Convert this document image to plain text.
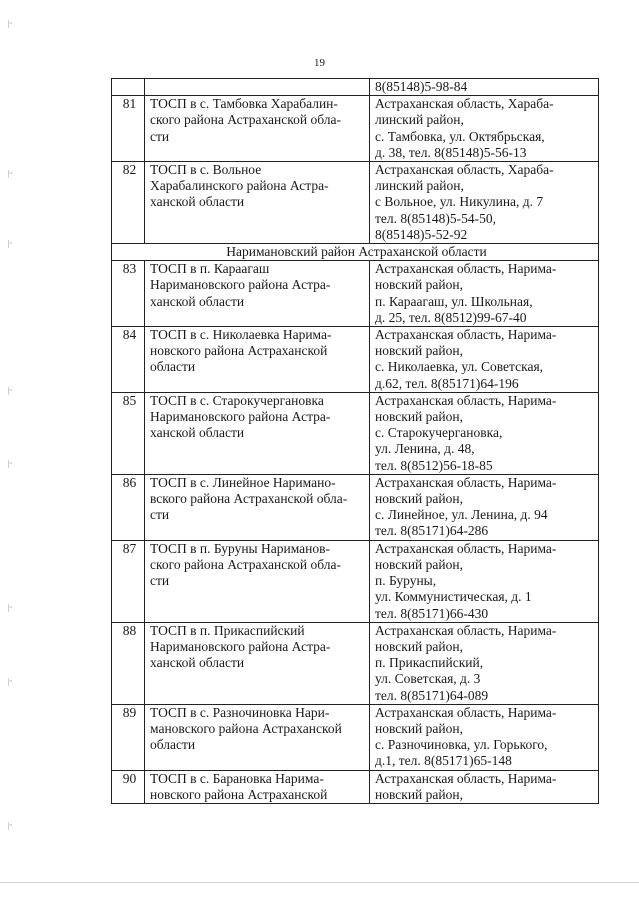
19
|··
|··
|··
|··
|··
|··
|··
|··
		8(85148)5-98-84
81	ТОСП в с. Тамбовка Харабалин-
ского района Астраханской обла-
сти	Астраханская область, Харабa-
линский район,
с. Тамбовка, ул. Октябрьская,
д. 38, тел. 8(85148)5-56-13
82	ТОСП в с. Вольное
Харабалинского района Астра-
ханской области	Астраханская область, Харабa-
линский район,
с Вольное, ул. Никулина, д. 7
тел. 8(85148)5-54-50,
8(85148)5-52-92
Наримановский район Астраханской области		
83	ТОСП в п. Караагаш
Наримановского района Астра-
ханской области	Астраханская область, Нарима-
новский район,
п. Караагаш, ул. Школьная,
д. 25, тел. 8(8512)99-67-40
84	ТОСП в с. Николаевка Нарима-
новского района Астраханской
области	Астраханская область, Нарима-
новский район,
с. Николаевка, ул. Советская,
д.62, тел. 8(85171)64-196
85	ТОСП в с. Старокучергановка
Наримановского района Астра-
ханской области	Астраханская область, Нарима-
новский район,
с. Старокучергановка,
ул. Ленина, д. 48,
тел. 8(8512)56-18-85
86	ТОСП в с. Линейное Наримано-
вского района Астраханской обла-
сти	Астраханская область, Нарима-
новский район,
с. Линейное, ул. Ленина, д. 94
тел. 8(85171)64-286
87	ТОСП в п. Буруны Нариманов-
ского района Астраханской обла-
сти	Астраханская область, Нарима-
новский район,
п. Буруны,
ул. Коммунистическая, д. 1
тел. 8(85171)66-430
88	ТОСП в п. Прикаспийский
Наримановского района Астра-
ханской области	Астраханская область, Нарима-
новский район,
п. Прикаспийский,
ул. Советская, д. 3
тел. 8(85171)64-089
89	ТОСП в с. Разночиновка Нари-
мановского района Астраханской
области	Астраханская область, Нарима-
новский район,
с. Разночиновка, ул. Горького,
д.1, тел. 8(85171)65-148
90	ТОСП в с. Барановка Нарима-
новского района Астраханской	Астраханская область, Нарима-
новский район,
